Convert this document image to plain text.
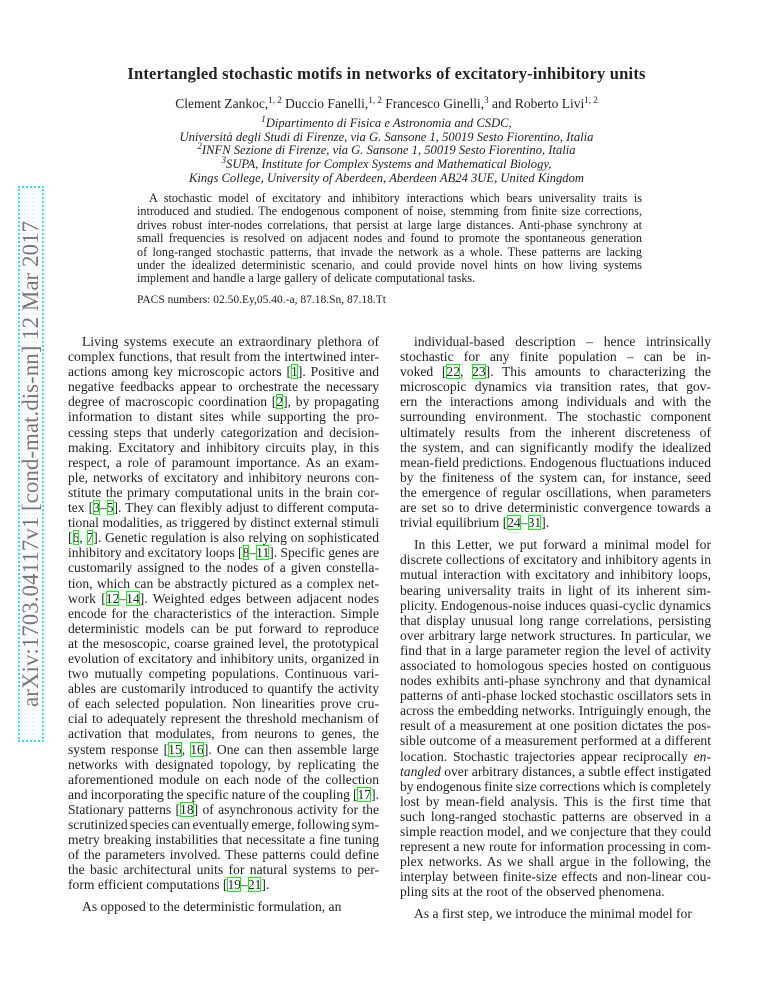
arXiv:1703.04117v1 [cond-mat.dis-nn] 12 Mar 2017
Intertangled stochastic motifs in networks of excitatory-inhibitory units
Clement Zankoc,$^{1, 2}$ Duccio Fanelli,$^{1, 2}$ Francesco Ginelli,$^3$ and Roberto Livi$^{1, 2}$
$^1$Dipartimento di Fisica e Astronomia and CSDC,
Università degli Studi di Firenze, via G. Sansone 1, 50019 Sesto Fiorentino, Italia
$^2$INFN Sezione di Firenze, via G. Sansone 1, 50019 Sesto Fiorentino, Italia
$^3$SUPA, Institute for Complex Systems and Mathematical Biology,
Kings College, University of Aberdeen, Aberdeen AB24 3UE, United Kingdom
A stochastic model of excitatory and inhibitory interactions which bears universality traits is
introduced and studied. The endogenous component of noise, stemming from finite size corrections,
drives robust inter-nodes correlations, that persist at large large distances. Anti-phase synchrony at
small frequencies is resolved on adjacent nodes and found to promote the spontaneous generation
of long-ranged stochastic patterns, that invade the network as a whole. These patterns are lacking
under the idealized deterministic scenario, and could provide novel hints on how living systems
implement and handle a large gallery of delicate computational tasks.
PACS numbers: 02.50.Ey,05.40.-a, 87.18.Sn, 87.18.Tt
Living systems execute an extraordinary plethora of
complex functions, that result from the intertwined inter-
actions among key microscopic actors [1]. Positive and
negative feedbacks appear to orchestrate the necessary
degree of macroscopic coordination [2], by propagating
information to distant sites while supporting the pro-
cessing steps that underly categorization and decision-
making. Excitatory and inhibitory circuits play, in this
respect, a role of paramount importance. As an exam-
ple, networks of excitatory and inhibitory neurons con-
stitute the primary computational units in the brain cor-
tex [3–5]. They can flexibly adjust to different computa-
tional modalities, as triggered by distinct external stimuli
[6, 7]. Genetic regulation is also relying on sophisticated
inhibitory and excitatory loops [8–11]. Specific genes are
customarily assigned to the nodes of a given constella-
tion, which can be abstractly pictured as a complex net-
work [12–14]. Weighted edges between adjacent nodes
encode for the characteristics of the interaction. Simple
deterministic models can be put forward to reproduce
at the mesoscopic, coarse grained level, the prototypical
evolution of excitatory and inhibitory units, organized in
two mutually competing populations. Continuous vari-
ables are customarily introduced to quantify the activity
of each selected population. Non linearities prove cru-
cial to adequately represent the threshold mechanism of
activation that modulates, from neurons to genes, the
system response [15, 16]. One can then assemble large
networks with designated topology, by replicating the
aforementioned module on each node of the collection
and incorporating the specific nature of the coupling [17].
Stationary patterns [18] of asynchronous activity for the
scrutinized species can eventually emerge, following sym-
metry breaking instabilities that necessitate a fine tuning
of the parameters involved. These patterns could define
the basic architectural units for natural systems to per-
form efficient computations [19–21].
As opposed to the deterministic formulation, an
individual-based description – hence intrinsically
stochastic for any finite population – can be in-
voked [22, 23]. This amounts to characterizing the
microscopic dynamics via transition rates, that gov-
ern the interactions among individuals and with the
surrounding environment. The stochastic component
ultimately results from the inherent discreteness of
the system, and can significantly modify the idealized
mean-field predictions. Endogenous fluctuations induced
by the finiteness of the system can, for instance, seed
the emergence of regular oscillations, when parameters
are set so to drive deterministic convergence towards a
trivial equilibrium [24–31].
In this Letter, we put forward a minimal model for
discrete collections of excitatory and inhibitory agents in
mutual interaction with excitatory and inhibitory loops,
bearing universality traits in light of its inherent sim-
plicity. Endogenous-noise induces quasi-cyclic dynamics
that display unusual long range correlations, persisting
over arbitrary large network structures. In particular, we
find that in a large parameter region the level of activity
associated to homologous species hosted on contiguous
nodes exhibits anti-phase synchrony and that dynamical
patterns of anti-phase locked stochastic oscillators sets in
across the embedding networks. Intriguingly enough, the
result of a measurement at one position dictates the pos-
sible outcome of a measurement performed at a different
location. Stochastic trajectories appear reciprocally en-
tangled over arbitrary distances, a subtle effect instigated
by endogenous finite size corrections which is completely
lost by mean-field analysis. This is the first time that
such long-ranged stochastic patterns are observed in a
simple reaction model, and we conjecture that they could
represent a new route for information processing in com-
plex networks. As we shall argue in the following, the
interplay between finite-size effects and non-linear cou-
pling sits at the root of the observed phenomena.
As a first step, we introduce the minimal model for
